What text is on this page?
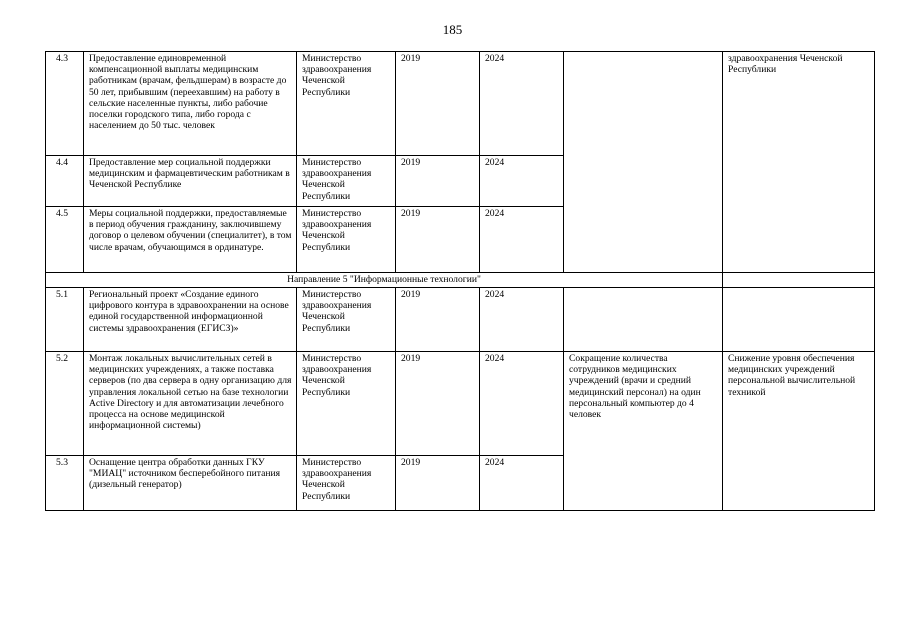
185
4.3	Предоставление единовременной компенсационной выплаты медицинским работникам (врачам, фельдшерам) в возрасте до 50 лет, прибывшим (переехавшим) на работу в сельские населенные пункты, либо рабочие поселки городского типа, либо города с населением до 50 тыс. человек	Министерство здравоохранения Чеченской Республики	2019	2024		здравоохранения Чеченской Республики
4.4	Предоставление мер социальной поддержки медицинским и фармацевтическим работникам в Чеченской Республике	Министерство здравоохранения Чеченской Республики	2019	2024		
4.5	Меры социальной поддержки, предоставляемые в период обучения гражданину, заключившему договор о целевом обучении (специалитет), в том числе врачам, обучающимся в ординатуре.	Министерство здравоохранения Чеченской Республики	2019	2024		
Направление 5 "Информационные технологии"						
5.1	Региональный проект «Создание единого цифрового контура в здравоохранении на основе единой государственной информационной системы здравоохранения (ЕГИСЗ)»	Министерство здравоохранения Чеченской Республики	2019	2024		
5.2	Монтаж локальных вычислительных сетей в медицинских учреждениях, а также поставка серверов (по два сервера в одну организацию для управления локальной сетью на базе технологии Active Directory и для автоматизации лечебного процесса на основе медицинской информационной системы)	Министерство здравоохранения Чеченской Республики	2019	2024	Сокращение количества сотрудников медицинских учреждений (врачи и средний медицинский персонал) на один персональный компьютер до 4 человек	Снижение уровня обеспечения медицинских учреждений персональной вычислительной техникой
5.3	Оснащение центра обработки данных ГКУ "МИАЦ" источником бесперебойного питания (дизельный генератор)	Министерство здравоохранения Чеченской Республики	2019	2024		
